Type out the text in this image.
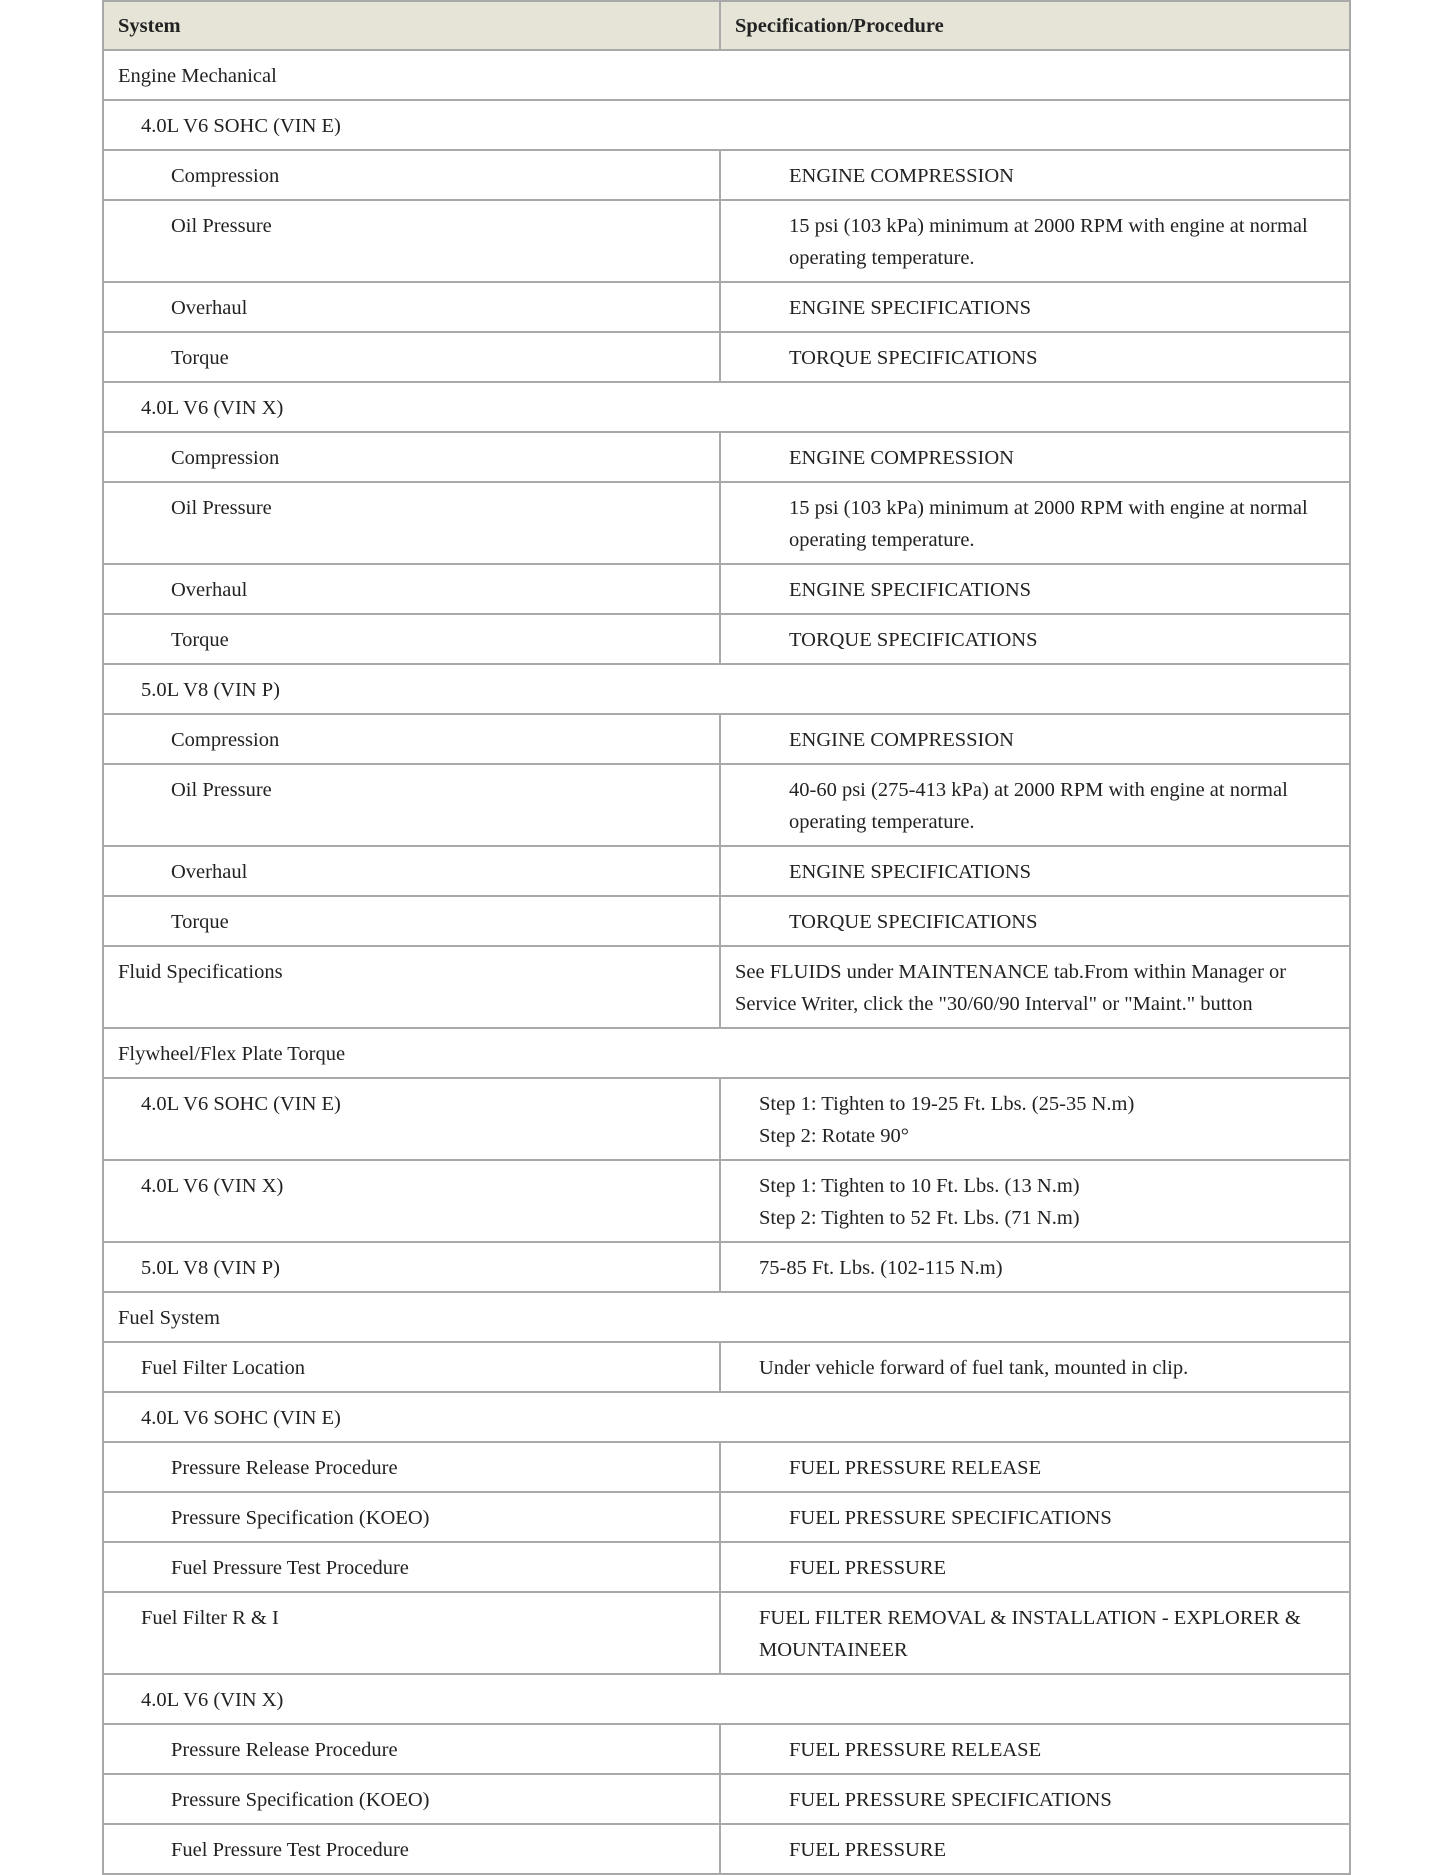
System	Specification/Procedure
Engine Mechanical	
4.0L V6 SOHC (VIN E)	
Compression	ENGINE COMPRESSION

Oil Pressure	15 psi (103 kPa) minimum at 2000 RPM with engine at normal operating temperature.

Overhaul	ENGINE SPECIFICATIONS

Torque	TORQUE SPECIFICATIONS

4.0L V6 (VIN X)	
Compression	ENGINE COMPRESSION

Oil Pressure	15 psi (103 kPa) minimum at 2000 RPM with engine at normal operating temperature.

Overhaul	ENGINE SPECIFICATIONS

Torque	TORQUE SPECIFICATIONS

5.0L V8 (VIN P)	
Compression	ENGINE COMPRESSION

Oil Pressure	40-60 psi (275-413 kPa) at 2000 RPM with engine at normal operating temperature.

Overhaul	ENGINE SPECIFICATIONS

Torque	TORQUE SPECIFICATIONS

Fluid Specifications	See FLUIDS under MAINTENANCE tab.From within Manager or Service Writer, click the "30/60/90 Interval" or "Maint." button

Flywheel/Flex Plate Torque	
4.0L V6 SOHC (VIN E)	Step 1: Tighten to 19-25 Ft. Lbs. (25-35 N.m)
Step 2: Rotate 90°

4.0L V6 (VIN X)	Step 1: Tighten to 10 Ft. Lbs. (13 N.m)
Step 2: Tighten to 52 Ft. Lbs. (71 N.m)

5.0L V8 (VIN P)	75-85 Ft. Lbs. (102-115 N.m)

Fuel System	
Fuel Filter Location	Under vehicle forward of fuel tank, mounted in clip.

4.0L V6 SOHC (VIN E)	
Pressure Release Procedure	FUEL PRESSURE RELEASE

Pressure Specification (KOEO)	FUEL PRESSURE SPECIFICATIONS

Fuel Pressure Test Procedure	FUEL PRESSURE

Fuel Filter R & I	FUEL FILTER REMOVAL & INSTALLATION - EXPLORER & MOUNTAINEER

4.0L V6 (VIN X)	
Pressure Release Procedure	FUEL PRESSURE RELEASE

Pressure Specification (KOEO)	FUEL PRESSURE SPECIFICATIONS

Fuel Pressure Test Procedure	FUEL PRESSURE
